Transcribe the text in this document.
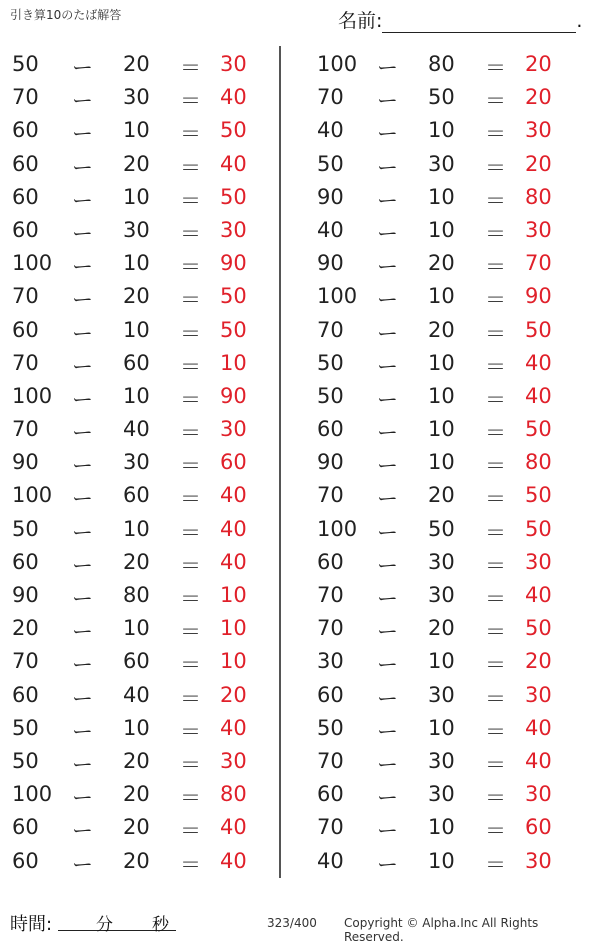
引き算10のたば解答	名前:	.
50	ー 20	＝ 30
70	ー 30	＝ 40
60	ー 10	＝ 50
60	ー 20	＝ 40
60	ー 10	＝ 50
60	ー 30	＝ 30
100 ー 10	＝ 90
70	ー 20	＝ 50
60	ー 10	＝ 50
70	ー 60	＝ 10
100 ー 10	＝ 90
70	ー 40	＝ 30
90	ー 30	＝ 60
100 ー 60	＝ 40
50	ー 10	＝ 40
60	ー 20	＝ 40
90	ー 80	＝ 10
20	ー 10	＝ 10
70	ー 60	＝ 10
60	ー 40	＝ 20
50	ー 10	＝ 40
50	ー 20	＝ 30
100 ー 20	＝ 80
60	ー 20	＝ 40
60	ー 20	＝ 40
100 ー 80	＝ 20
70	ー 50	＝ 20
40	ー 10	＝ 30
50	ー 30	＝ 20
90	ー 10	＝ 80
40	ー 10	＝ 30
90	ー 20	＝ 70
100 ー 10	＝ 90
70	ー 20	＝ 50
50	ー 10	＝ 40
50	ー 10	＝ 40
60	ー 10	＝ 50
90	ー 10	＝ 80
70	ー 20	＝ 50
100 ー 50	＝ 50
60	ー 30	＝ 30
70	ー 30	＝ 40
70	ー 20	＝ 50
30	ー 10	＝ 20
60	ー 30	＝ 30
50	ー 10	＝ 40
70	ー 30	＝ 40
60	ー 30	＝ 30
70	ー 10	＝ 60
40	ー 10	＝ 30
時間:	分 秒	323/400 Copyright © Alpha.Inc All Rights Reserved.
